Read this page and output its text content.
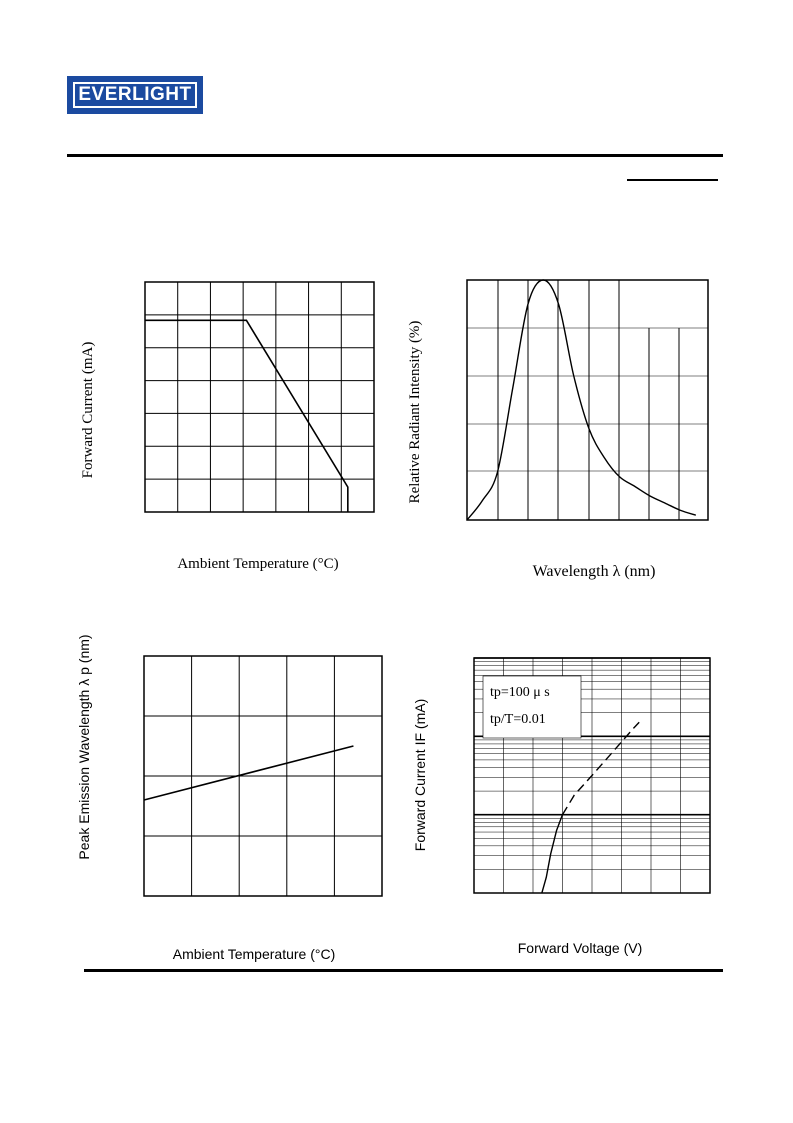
EVERLIGHT
Ambient Temperature (°C)
Forward Current (mA)
Wavelength λ (nm)
Relative Radiant Intensity (%)
Ambient Temperature (°C)
Peak Emission Wavelength λ p (nm)	tp=100 μ s
tp/T=0.01
Forward Voltage (V)
Forward Current IF (mA)
